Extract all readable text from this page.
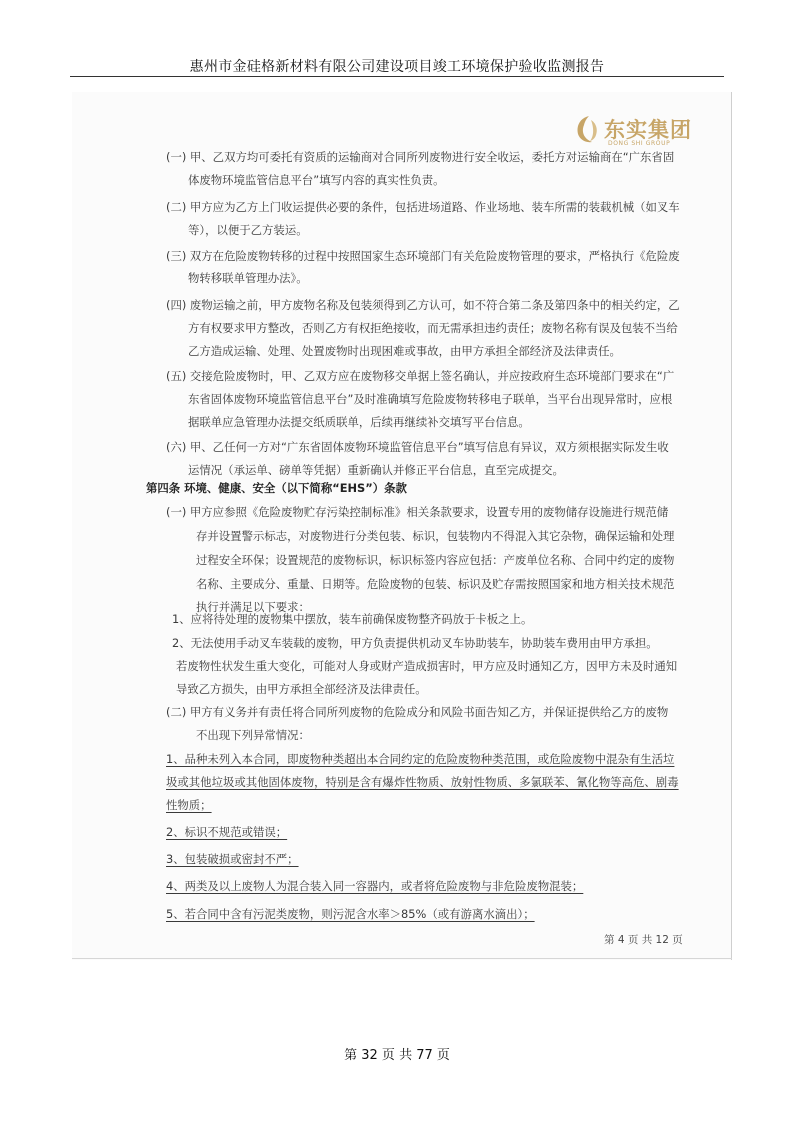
惠州市金硅格新材料有限公司建设项目竣工环境保护验收监测报告
东实集团
DONG SHI GROUP
(一) 甲、乙双方均可委托有资质的运输商对合同所列废物进行安全收运，委托方对运输商在“广东省固
体废物环境监管信息平台”填写内容的真实性负责。
(二) 甲方应为乙方上门收运提供必要的条件，包括进场道路、作业场地、装车所需的装载机械（如叉车
等），以便于乙方装运。
(三) 双方在危险废物转移的过程中按照国家生态环境部门有关危险废物管理的要求，严格执行《危险废
物转移联单管理办法》。
(四) 废物运输之前，甲方废物名称及包装须得到乙方认可，如不符合第二条及第四条中的相关约定，乙
方有权要求甲方整改，否则乙方有权拒绝接收，而无需承担违约责任；废物名称有误及包装不当给
乙方造成运输、处理、处置废物时出现困难或事故，由甲方承担全部经济及法律责任。
(五) 交接危险废物时，甲、乙双方应在废物移交单据上签名确认，并应按政府生态环境部门要求在“广
东省固体废物环境监管信息平台”及时准确填写危险废物转移电子联单，当平台出现异常时，应根
据联单应急管理办法提交纸质联单，后续再继续补交填写平台信息。
(六) 甲、乙任何一方对“广东省固体废物环境监管信息平台”填写信息有异议，双方须根据实际发生收
运情况（承运单、磅单等凭据）重新确认并修正平台信息，直至完成提交。
第四条 环境、健康、安全（以下简称“EHS”）条款
(一) 甲方应参照《危险废物贮存污染控制标准》相关条款要求，设置专用的废物储存设施进行规范储
存并设置警示标志，对废物进行分类包装、标识，包装物内不得混入其它杂物，确保运输和处理
过程安全环保；设置规范的废物标识，标识标签内容应包括：产废单位名称、合同中约定的废物
名称、主要成分、重量、日期等。危险废物的包装、标识及贮存需按照国家和地方相关技术规范
执行并满足以下要求：
1、应将待处理的废物集中摆放，装车前确保废物整齐码放于卡板之上。
2、无法使用手动叉车装载的废物，甲方负责提供机动叉车协助装车，协助装车费用由甲方承担。
若废物性状发生重大变化，可能对人身或财产造成损害时，甲方应及时通知乙方，因甲方未及时通知
导致乙方损失，由甲方承担全部经济及法律责任。
(二) 甲方有义务并有责任将合同所列废物的危险成分和风险书面告知乙方，并保证提供给乙方的废物
不出现下列异常情况：
1、品种未列入本合同，即废物种类超出本合同约定的危险废物种类范围，或危险废物中混杂有生活垃
圾或其他垃圾或其他固体废物，特别是含有爆炸性物质、放射性物质、多氯联苯、氰化物等高危、剧毒
性物质；
2、标识不规范或错误；
3、包装破损或密封不严；
4、两类及以上废物人为混合装入同一容器内，或者将危险废物与非危险废物混装；
5、若合同中含有污泥类废物，则污泥含水率＞85%（或有游离水滴出）；
第 4 页 共 12 页
第 32 页 共 77 页
